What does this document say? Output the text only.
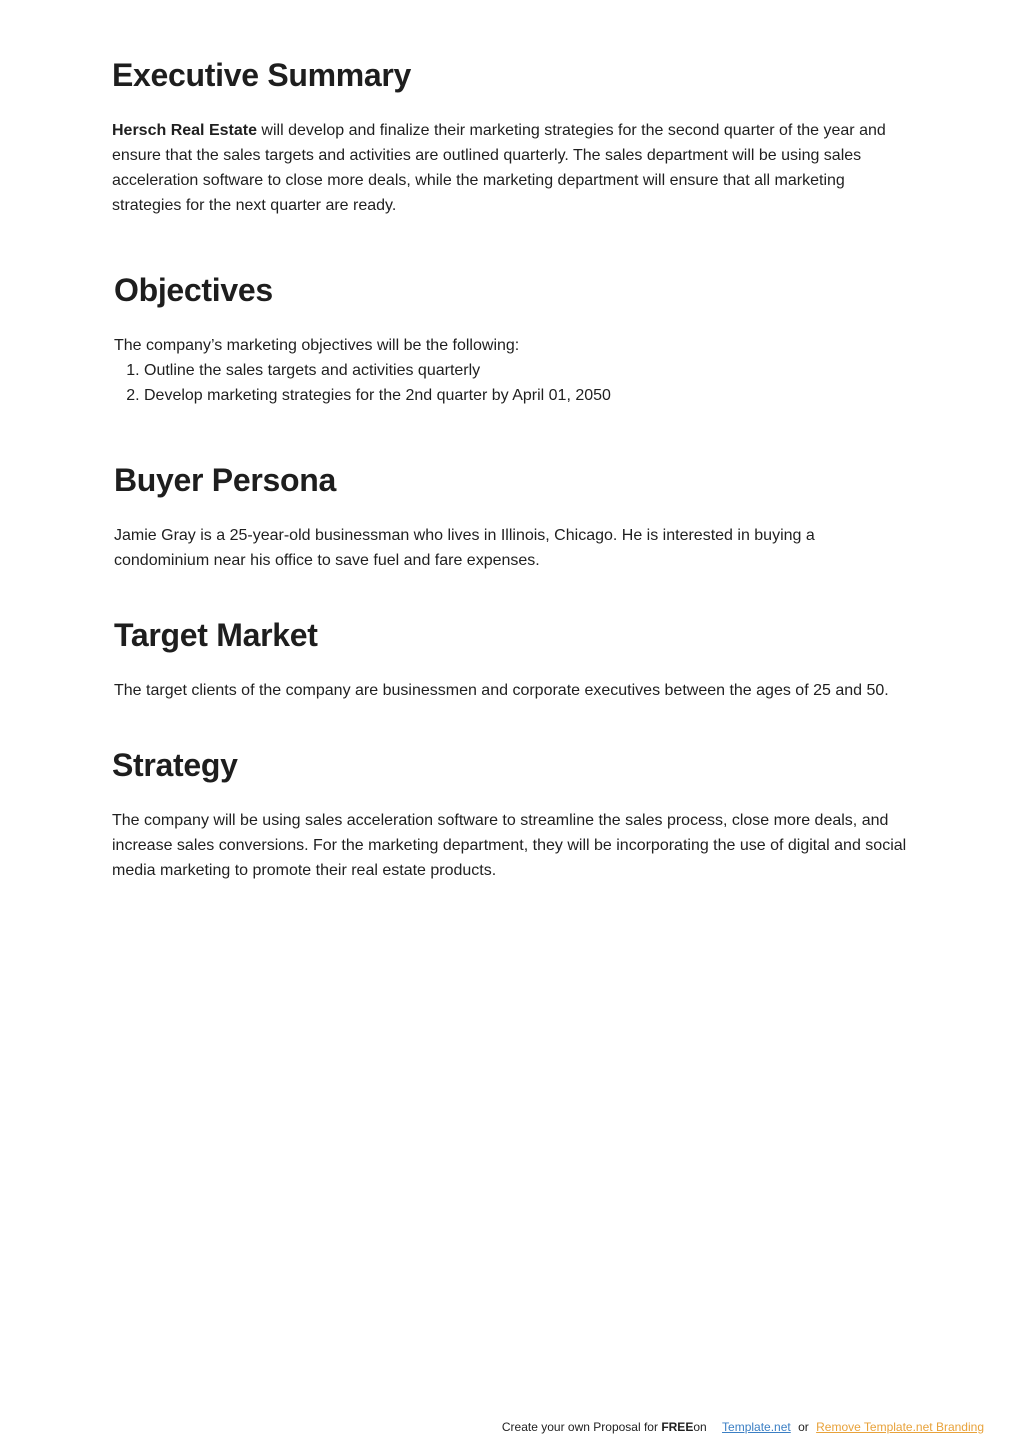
Executive Summary

Hersch Real Estate will develop and finalize their marketing strategies for the second quarter of the year and ensure that the sales targets and activities are outlined quarterly. The sales department will be using sales acceleration software to close more deals, while the marketing department will ensure that all marketing strategies for the next quarter are ready.

Objectives

The company’s marketing objectives will be the following:

1. Outline the sales targets and activities quarterly
2. Develop marketing strategies for the 2nd quarter by April 01, 2050
Buyer Persona

Jamie Gray is a 25-year-old businessman who lives in Illinois, Chicago. He is interested in buying a condominium near his office to save fuel and fare expenses.

Target Market

The target clients of the company are businessmen and corporate executives between the ages of 25 and 50.

Strategy

The company will be using sales acceleration software to streamline the sales process, close more deals, and increase sales conversions. For the marketing department, they will be incorporating the use of digital and social media marketing to promote their real estate products.

Create your own Proposal for FREEon Template.net or Remove Template.net Branding
